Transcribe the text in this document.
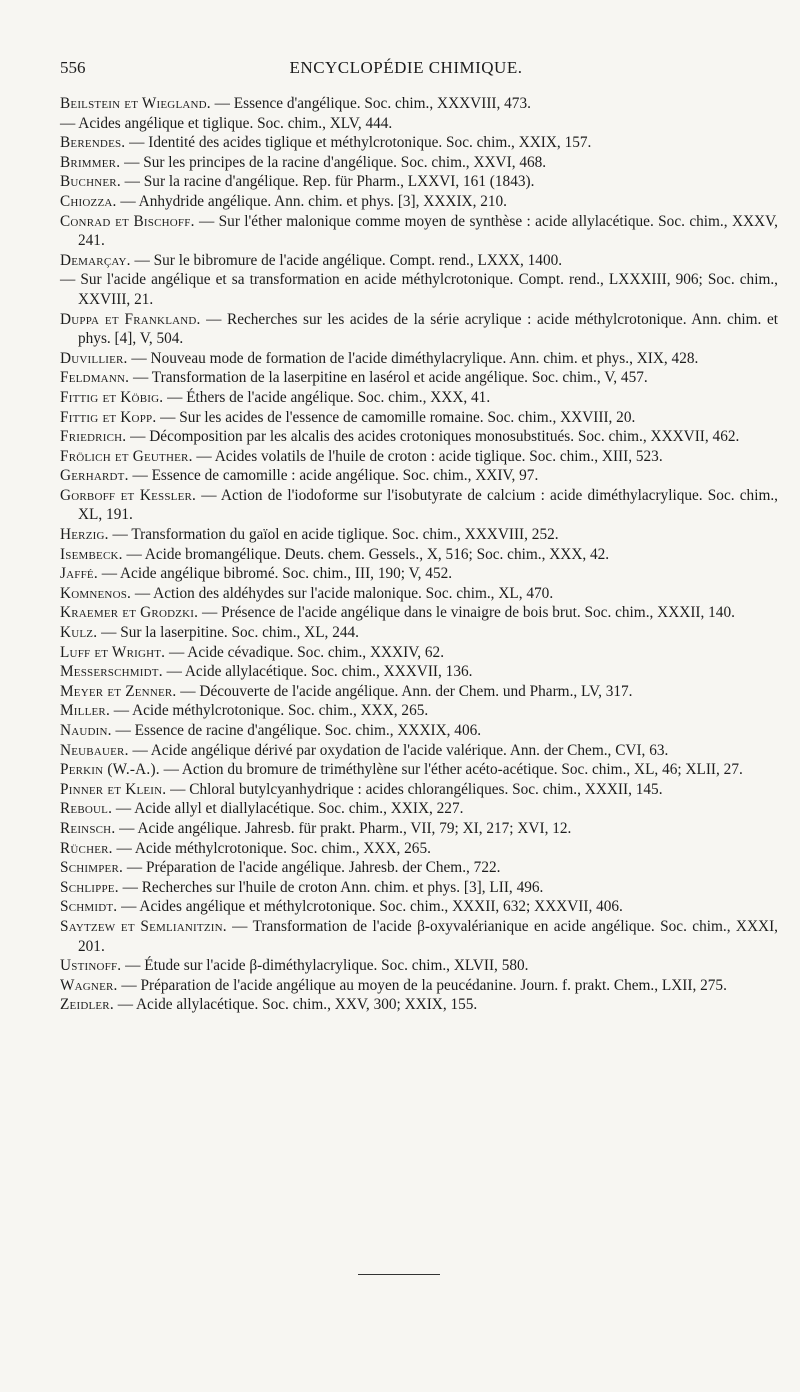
556	ENCYCLOPÉDIE CHIMIQUE.

Beilstein et Wiegland. — Essence d'angélique. Soc. chim., XXXVIII, 473.

— Acides angélique et tiglique. Soc. chim., XLV, 444.

Berendes. — Identité des acides tiglique et méthylcrotonique. Soc. chim., XXIX, 157.

Brimmer. — Sur les principes de la racine d'angélique. Soc. chim., XXVI, 468.

Buchner. — Sur la racine d'angélique. Rep. für Pharm., LXXVI, 161 (1843).

Chiozza. — Anhydride angélique. Ann. chim. et phys. [3], XXXIX, 210.

Conrad et Bischoff. — Sur l'éther malonique comme moyen de synthèse : acide allylacétique. Soc. chim., XXXV, 241.

Demarçay. — Sur le bibromure de l'acide angélique. Compt. rend., LXXX, 1400.

— Sur l'acide angélique et sa transformation en acide méthylcrotonique. Compt. rend., LXXXIII, 906; Soc. chim., XXVIII, 21.

Duppa et Frankland. — Recherches sur les acides de la série acrylique : acide méthylcrotonique. Ann. chim. et phys. [4], V, 504.

Duvillier. — Nouveau mode de formation de l'acide diméthylacrylique. Ann. chim. et phys., XIX, 428.

Feldmann. — Transformation de la laserpitine en lasérol et acide angélique. Soc. chim., V, 457.

Fittig et Köbig. — Éthers de l'acide angélique. Soc. chim., XXX, 41.

Fittig et Kopp. — Sur les acides de l'essence de camomille romaine. Soc. chim., XXVIII, 20.

Friedrich. — Décomposition par les alcalis des acides crotoniques monosubstitués. Soc. chim., XXXVII, 462.

Frölich et Geuther. — Acides volatils de l'huile de croton : acide tiglique. Soc. chim., XIII, 523.

Gerhardt. — Essence de camomille : acide angélique. Soc. chim., XXIV, 97.

Gorboff et Kessler. — Action de l'iodoforme sur l'isobutyrate de calcium : acide diméthylacrylique. Soc. chim., XL, 191.

Herzig. — Transformation du gaïol en acide tiglique. Soc. chim., XXXVIII, 252.

Isembeck. — Acide bromangélique. Deuts. chem. Gessels., X, 516; Soc. chim., XXX, 42.

Jaffé. — Acide angélique bibromé. Soc. chim., III, 190; V, 452.

Komnenos. — Action des aldéhydes sur l'acide malonique. Soc. chim., XL, 470.

Kraemer et Grodzki. — Présence de l'acide angélique dans le vinaigre de bois brut. Soc. chim., XXXII, 140.

Kulz. — Sur la laserpitine. Soc. chim., XL, 244.

Luff et Wright. — Acide cévadique. Soc. chim., XXXIV, 62.

Messerschmidt. — Acide allylacétique. Soc. chim., XXXVII, 136.

Meyer et Zenner. — Découverte de l'acide angélique. Ann. der Chem. und Pharm., LV, 317.

Miller. — Acide méthylcrotonique. Soc. chim., XXX, 265.

Naudin. — Essence de racine d'angélique. Soc. chim., XXXIX, 406.

Neubauer. — Acide angélique dérivé par oxydation de l'acide valérique. Ann. der Chem., CVI, 63.

Perkin (W.-A.). — Action du bromure de triméthylène sur l'éther acéto-acétique. Soc. chim., XL, 46; XLII, 27.

Pinner et Klein. — Chloral butylcyanhydrique : acides chlorangéliques. Soc. chim., XXXII, 145.

Reboul. — Acide allyl et diallylacétique. Soc. chim., XXIX, 227.

Reinsch. — Acide angélique. Jahresb. für prakt. Pharm., VII, 79; XI, 217; XVI, 12.

Rücher. — Acide méthylcrotonique. Soc. chim., XXX, 265.

Schimper. — Préparation de l'acide angélique. Jahresb. der Chem., 722.

Schlippe. — Recherches sur l'huile de croton Ann. chim. et phys. [3], LII, 496.

Schmidt. — Acides angélique et méthylcrotonique. Soc. chim., XXXII, 632; XXXVII, 406.

Saytzew et Semlianitzin. — Transformation de l'acide β-oxyvalérianique en acide angélique. Soc. chim., XXXI, 201.

Ustinoff. — Étude sur l'acide β-diméthylacrylique. Soc. chim., XLVII, 580.

Wagner. — Préparation de l'acide angélique au moyen de la peucédanine. Journ. f. prakt. Chem., LXII, 275.

Zeidler. — Acide allylacétique. Soc. chim., XXV, 300; XXIX, 155.
